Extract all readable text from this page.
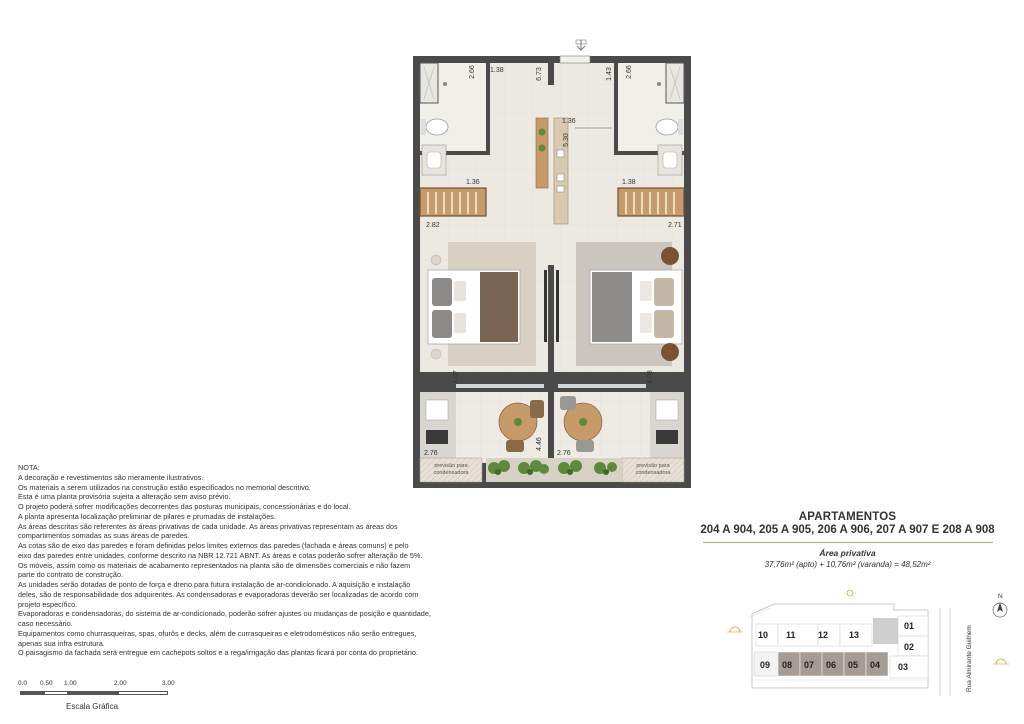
previsão para
condensadora
previsão para
condensadora
2.66 1.38	6.73	1.43 2.66
1.36
5.30
1.36	1.38
2.82	2.71
4.07	4.08
2.76	2.76
4.46
NOTA:
A decoração e revestimentos são meramente ilustrativos.
Os materiais a serem utilizados na construção estão especificados no memorial descritivo.
Esta é uma planta provisória sujeita a alteração sem aviso prévio.
O projeto poderá sofrer modificações decorrentes das posturas municipais, concessionárias e do local.
A planta apresenta localização preliminar de pilares e prumadas de instalações.
As áreas descritas são referentes às áreas privativas de cada unidade. As áreas privativas representam as áreas dos
compartimentos somadas as suas áreas de paredes.
As cotas são de eixo das paredes e foram definidas pelos limites externos das paredes (fachada e áreas comuns) e pelo
eixo das paredes entre unidades, conforme descrito na NBR 12.721 ABNT. As áreas e cotas poderão sofrer alteração de 5%.
Os móveis, assim como os materiais de acabamento representados na planta são de dimensões comerciais e não fazem
parte do contrato de construção.
As unidades serão dotadas de ponto de força e dreno para futura instalação de ar-condicionado. A aquisição e instalação
deles, são de responsabilidade dos adquirentes. As condensadoras e evaporadoras deverão ser localizadas de acordo com
projeto específico.
Evaporadoras e condensadoras, do sistema de ar-condicionado, poderão sofrer ajustes ou mudanças de posição e quantidade,
caso necessário.
Equipamentos como churrasqueiras, spas, ofurôs e decks, além de currasqueiras e eletrodomésticos não serão entregues,
apenas sua infra estrutura.
O paisagismo da fachada será entregue em cachepots soltos e a rega/irrigação das plantas ficará por conta do proprietário.
0.0 0.50 1.00	2.00	3.00
Escala Gráfica
APARTAMENTOS
204 A 904, 205 A 905, 206 A 906, 207 A 907 E 208 A 908
Área privativa
37,76m² (apto) + 10,76m² (varanda) = 48,52m²
10 11 12 13
09 08 07 06 05 04
01
02
03	Rua Almirante Guilhem
N
